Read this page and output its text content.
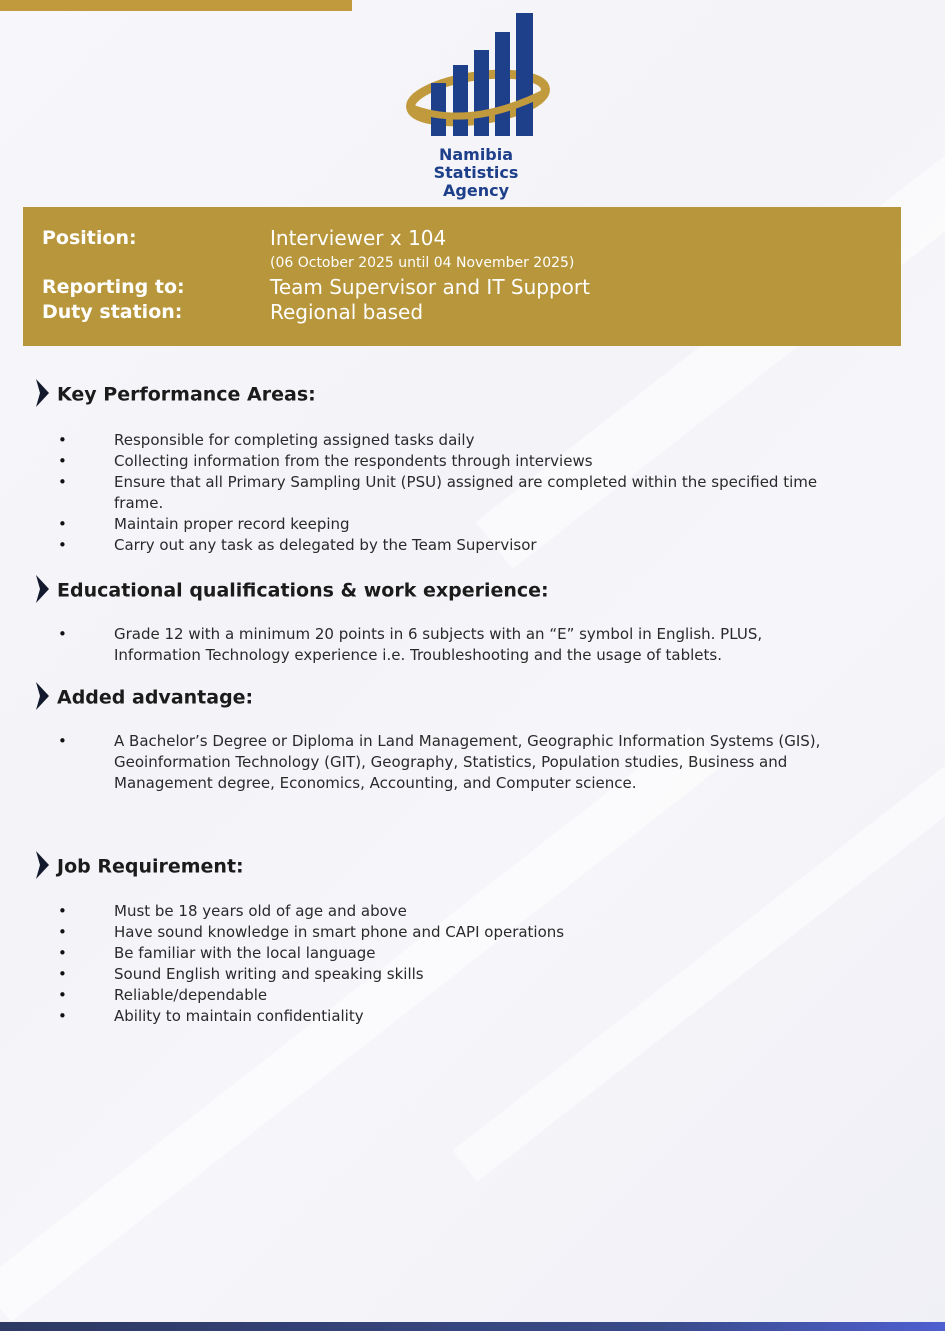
Namibia Statistics
Agency
Position:	Interviewer x 104
(06 October 2025 until 04 November 2025)
Reporting to:	Team Supervisor and IT Support
Duty station:	Regional based
Key Performance Areas:
• Responsible for completing assigned tasks daily
• Collecting information from the respondents through interviews
• Ensure that all Primary Sampling Unit (PSU) assigned are completed within the specified time frame.
• Maintain proper record keeping
• Carry out any task as delegated by the Team Supervisor
Educational qualifications & work experience:
• Grade 12 with a minimum 20 points in 6 subjects with an “E” symbol in English. PLUS, Information Technology experience i.e. Troubleshooting and the usage of tablets.
Added advantage:
• A Bachelor’s Degree or Diploma in Land Management, Geographic Information Systems (GIS), Geoinformation Technology (GIT), Geography, Statistics, Population studies, Business and Management degree, Economics, Accounting, and Computer science.
Job Requirement:
• Must be 18 years old of age and above
• Have sound knowledge in smart phone and CAPI operations
• Be familiar with the local language
• Sound English writing and speaking skills
• Reliable/dependable
• Ability to maintain confidentiality
